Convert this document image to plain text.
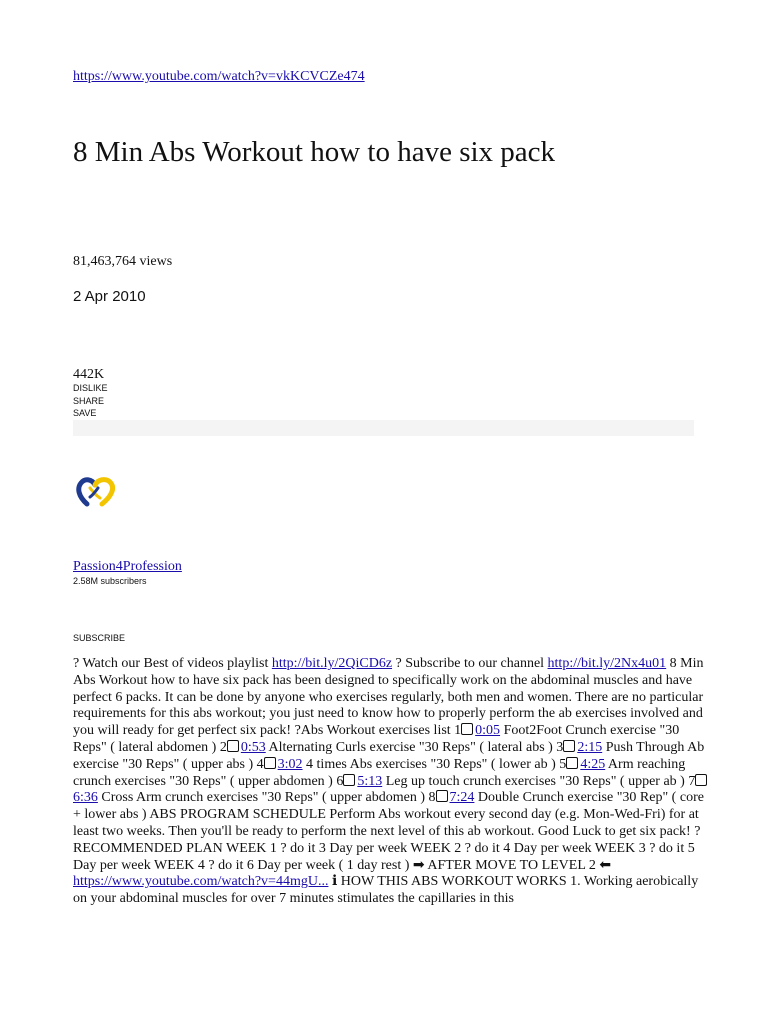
https://www.youtube.com/watch?v=vkKCVCZe474
8 Min Abs Workout how to have six pack
81,463,764 views
2 Apr 2010
442K
DISLIKE
SHARE
SAVE
Passion4Profession
2.58M subscribers
SUBSCRIBE
? Watch our Best of videos playlist http://bit.ly/2QiCD6z ? Subscribe to our channel http://bit.ly/2Nx4u01 8 Min Abs Workout how to have six pack has been designed to specifically work on the abdominal muscles and have perfect 6 packs. It can be done by anyone who exercises regularly, both men and women. There are no particular requirements for this abs workout; you just need to know how to properly perform the ab exercises involved and you will ready for get perfect six pack! ?Abs Workout exercises list 1 0:05 Foot2Foot Crunch exercise "30 Reps" ( lateral abdomen ) 2 0:53 Alternating Curls exercise "30 Reps" ( lateral abs ) 3 2:15 Push Through Ab exercise "30 Reps" ( upper abs ) 4 3:02 4 times Abs exercises "30 Reps" ( lower ab ) 5 4:25 Arm reaching crunch exercises "30 Reps" ( upper abdomen ) 6 5:13 Leg up touch crunch exercises "30 Reps" ( upper ab ) 76:36 Cross Arm crunch exercises "30 Reps" ( upper abdomen ) 8 7:24 Double Crunch exercise "30 Rep" ( core + lower abs ) ABS PROGRAM SCHEDULE Perform Abs workout every second day (e.g. Mon-Wed-Fri) for at least two weeks. Then you'll be ready to perform the next level of this ab workout. Good Luck to get six pack! ? RECOMMENDED PLAN WEEK 1 ? do it 3 Day per week WEEK 2 ? do it 4 Day per week WEEK 3 ? do it 5 Day per week WEEK 4 ? do it 6 Day per week ( 1 day rest ) ➡ AFTER MOVE TO LEVEL 2 ⬅ https://www.youtube.com/watch?v=44mgU... ℹ HOW THIS ABS WORKOUT WORKS 1. Working aerobically on your abdominal muscles for over 7 minutes stimulates the capillaries in this
